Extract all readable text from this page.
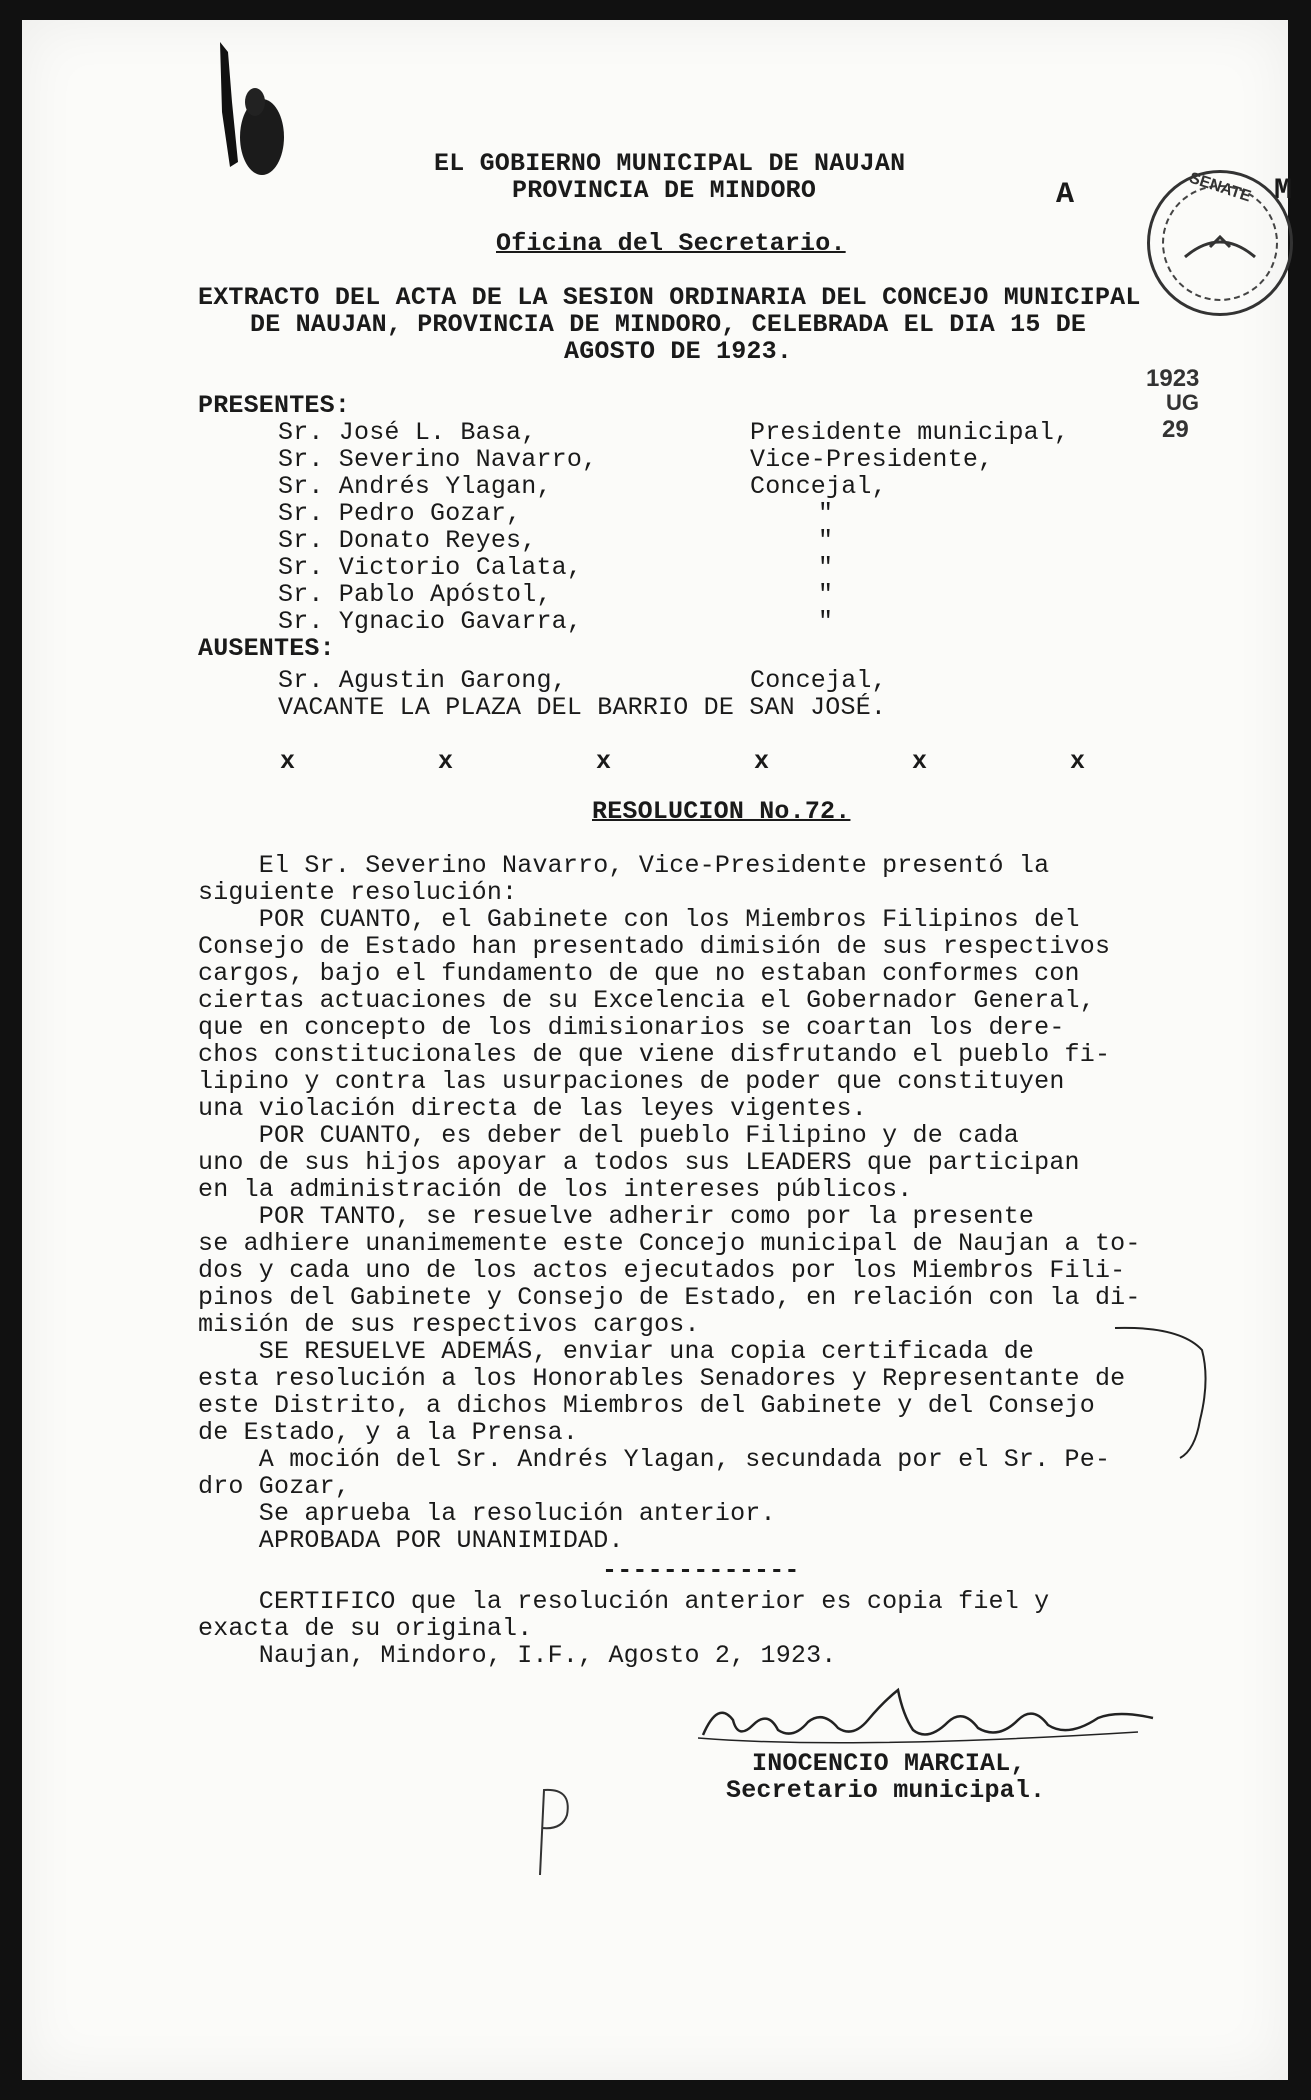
EL GOBIERNO MUNICIPAL DE NAUJAN
PROVINCIA DE MINDORO
Oficina del Secretario.
A	M
SENATE
1923
UG
29
EXTRACTO DEL ACTA DE LA SESION ORDINARIA DEL CONCEJO MUNICIPAL
DE NAUJAN, PROVINCIA DE MINDORO, CELEBRADA EL DIA 15 DE
AGOSTO DE 1923.
PRESENTES:
Sr. José L. Basa,	Presidente municipal,
Sr. Severino Navarro,	Vice-Presidente,
Sr. Andrés Ylagan,	Concejal,
Sr. Pedro Gozar,	"
Sr. Donato Reyes,	"
Sr. Victorio Calata,	"
Sr. Pablo Apóstol,	"
Sr. Ygnacio Gavarra,	"
AUSENTES:
Sr. Agustin Garong,	Concejal,
VACANTE LA PLAZA DEL BARRIO DE SAN JOSÉ.
x	x	x	x	x	x
RESOLUCION No.72.
El Sr. Severino Navarro, Vice-Presidente presentó la
siguiente resolución:
POR CUANTO, el Gabinete con los Miembros Filipinos del
Consejo de Estado han presentado dimisión de sus respectivos
cargos, bajo el fundamento de que no estaban conformes con
ciertas actuaciones de su Excelencia el Gobernador General,
que en concepto de los dimisionarios se coartan los dere-
chos constitucionales de que viene disfrutando el pueblo fi-
lipino y contra las usurpaciones de poder que constituyen
una violación directa de las leyes vigentes.
POR CUANTO, es deber del pueblo Filipino y de cada
uno de sus hijos apoyar a todos sus LEADERS que participan
en la administración de los intereses públicos.
POR TANTO, se resuelve adherir como por la presente
se adhiere unanimemente este Concejo municipal de Naujan a to-
dos y cada uno de los actos ejecutados por los Miembros Fili-
pinos del Gabinete y Consejo de Estado, en relación con la di-
misión de sus respectivos cargos.
SE RESUELVE ADEMÁS, enviar una copia certificada de
esta resolución a los Honorables Senadores y Representante de
este Distrito, a dichos Miembros del Gabinete y del Consejo
de Estado, y a la Prensa.
A moción del Sr. Andrés Ylagan, secundada por el Sr. Pe-
dro Gozar,
Se aprueba la resolución anterior.
APROBADA POR UNANIMIDAD.
-------------
CERTIFICO que la resolución anterior es copia fiel y
exacta de su original.
Naujan, Mindoro, I.F., Agosto 2, 1923.
INOCENCIO MARCIAL,
Secretario municipal.
